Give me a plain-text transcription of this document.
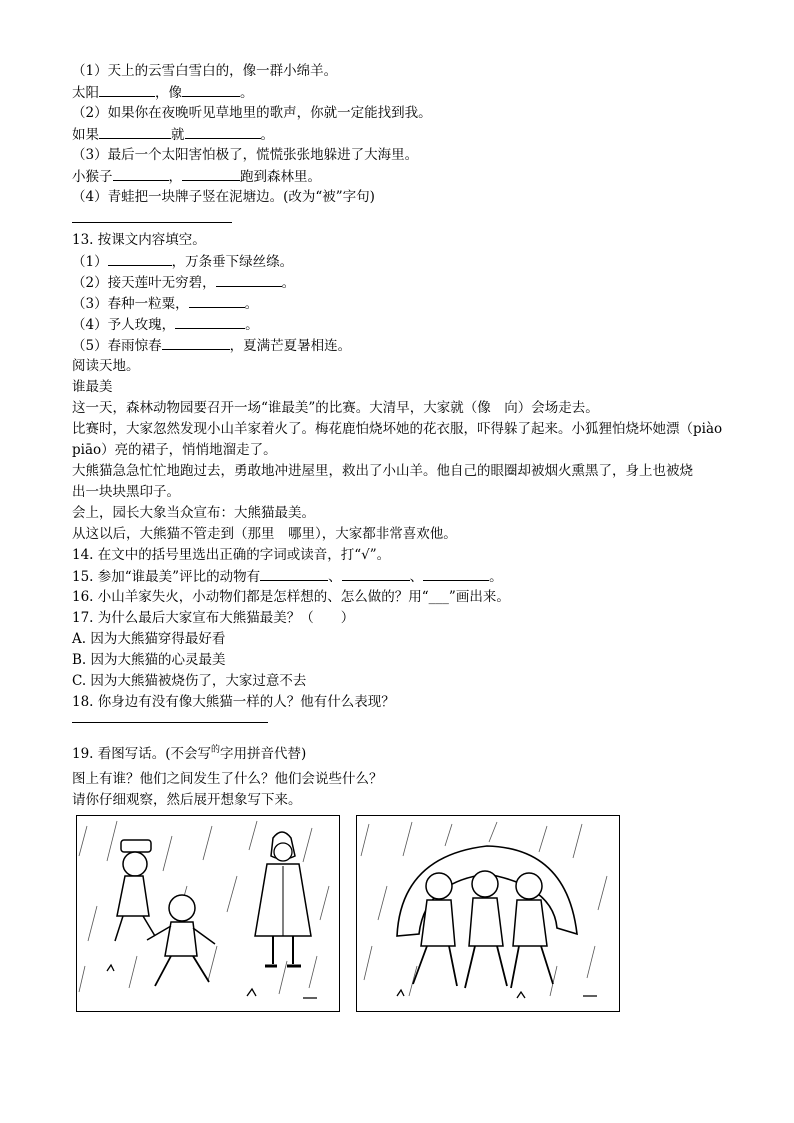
（1）天上的云雪白雪白的，像一群小绵羊。
太阳	，像	。
（2）如果你在夜晚听见草地里的歌声，你就一定能找到我。
如果	就	。
（3）最后一个太阳害怕极了，慌慌张张地躲进了大海里。
小猴子	，	跑到森林里。
（4）青蛙把一块牌子竖在泥塘边。(改为“被”字句)
13. 按课文内容填空。
（1）	，万条垂下绿丝绦。
（2）接天莲叶无穷碧，	。
（3）春种一粒粟，	。
（4）予人玫瑰，	。
（5）春雨惊春	，夏满芒夏暑相连。
阅读天地。
谁最美
这一天，森林动物园要召开一场“谁最美”的比赛。大清早，大家就（像　向）会场走去。
比赛时，大家忽然发现小山羊家着火了。梅花鹿怕烧坏她的花衣服，吓得躲了起来。小狐狸怕烧坏她漂（piào
piāo）亮的裙子，悄悄地溜走了。
大熊猫急急忙忙地跑过去，勇敢地冲进屋里，救出了小山羊。他自己的眼圈却被烟火熏黑了，身上也被烧
出一块块黑印子。
会上，园长大象当众宣布：大熊猫最美。
从这以后，大熊猫不管走到（那里　哪里），大家都非常喜欢他。
14. 在文中的括号里选出正确的字词或读音，打“√”。
15. 参加“谁最美”评比的动物有	、	、	。
16. 小山羊家失火，小动物们都是怎样想的、怎么做的？用“___”画出来。
17. 为什么最后大家宣布大熊猫最美？（　　）
A. 因为大熊猫穿得最好看
B. 因为大熊猫的心灵最美
C. 因为大熊猫被烧伤了，大家过意不去
18. 你身边有没有像大熊猫一样的人？他有什么表现？
19. 看图写话。(不会写$^的$字用拼音代替)
图上有谁？他们之间发生了什么？他们会说些什么？
请你仔细观察，然后展开想象写下来。
